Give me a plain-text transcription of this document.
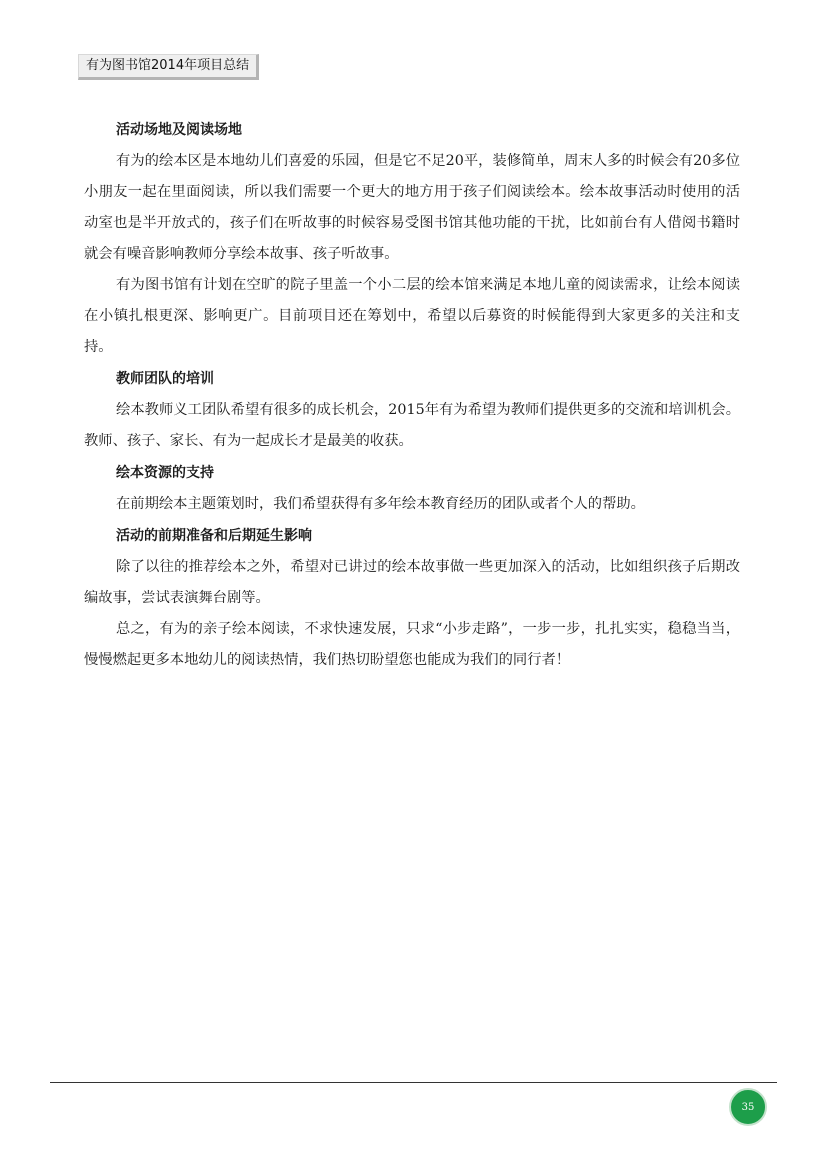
有为图书馆2014年项目总结
活动场地及阅读场地

有为的绘本区是本地幼儿们喜爱的乐园，但是它不足20平，装修简单，周末人多的时候会有20多位小朋友一起在里面阅读，所以我们需要一个更大的地方用于孩子们阅读绘本。绘本故事活动时使用的活动室也是半开放式的，孩子们在听故事的时候容易受图书馆其他功能的干扰，比如前台有人借阅书籍时就会有噪音影响教师分享绘本故事、孩子听故事。

有为图书馆有计划在空旷的院子里盖一个小二层的绘本馆来满足本地儿童的阅读需求，让绘本阅读在小镇扎根更深、影响更广。目前项目还在筹划中，希望以后募资的时候能得到大家更多的关注和支持。

教师团队的培训

绘本教师义工团队希望有很多的成长机会，2015年有为希望为教师们提供更多的交流和培训机会。教师、孩子、家长、有为一起成长才是最美的收获。

绘本资源的支持

在前期绘本主题策划时，我们希望获得有多年绘本教育经历的团队或者个人的帮助。

活动的前期准备和后期延生影响

除了以往的推荐绘本之外，希望对已讲过的绘本故事做一些更加深入的活动，比如组织孩子后期改编故事，尝试表演舞台剧等。

总之，有为的亲子绘本阅读，不求快速发展，只求“小步走路”，一步一步，扎扎实实，稳稳当当，慢慢燃起更多本地幼儿的阅读热情，我们热切盼望您也能成为我们的同行者！

35
